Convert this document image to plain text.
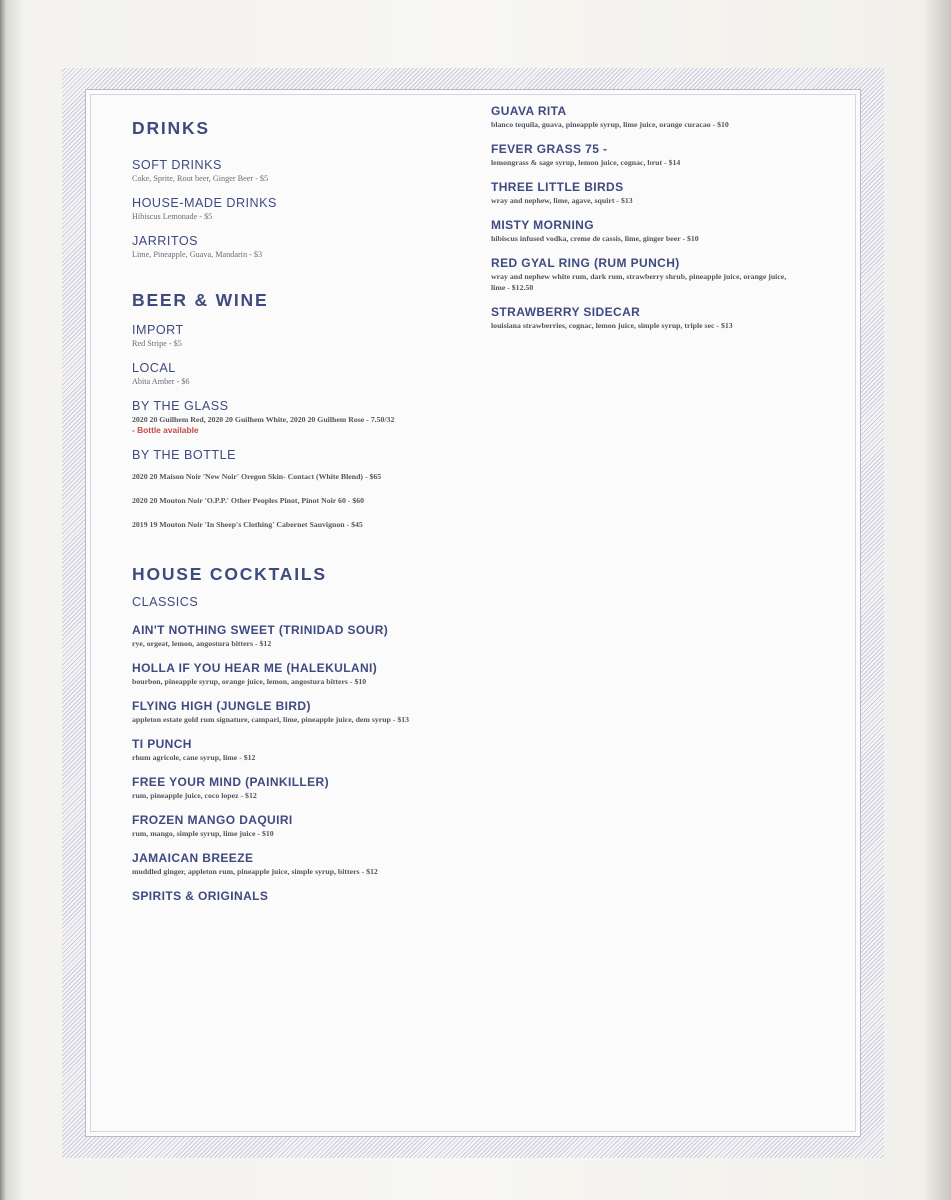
DRINKS
SOFT DRINKS
Coke, Sprite, Root beer, Ginger Beer - $5
HOUSE-MADE DRINKS
Hibiscus Lemonade - $5
JARRITOS
Lime, Pineapple, Guava, Mandarin - $3
BEER & WINE
IMPORT
Red Stripe - $5
LOCAL
Abita Amber - $6
BY THE GLASS
2020 20 Guilhem Red, 2020 20 Guilhem White, 2020 20 Guilhem Rose - 7.50/32
- Bottle available
BY THE BOTTLE
2020 20 Maison Noir 'New Noir' Oregon Skin- Contact (White Blend) - $65
2020 20 Mouton Noir 'O.P.P.' Other Peoples Pinot, Pinot Noir 60 - $60
2019 19 Mouton Noir 'In Sheep's Clothing' Cabernet Sauvignon - $45
HOUSE COCKTAILS
CLASSICS
AIN'T NOTHING SWEET (TRINIDAD SOUR)
rye, orgeat, lemon, angostura bitters - $12
HOLLA IF YOU HEAR ME (HALEKULANI)
bourbon, pineapple syrup, orange juice, lemon, angostura bitters - $10
FLYING HIGH (JUNGLE BIRD)
appleton estate gold rum signature, campari, lime, pineapple juice, dem syrup - $13
TI PUNCH
rhum agricole, cane syrup, lime - $12
FREE YOUR MIND (PAINKILLER)
rum, pineapple juice, coco lopez - $12
FROZEN MANGO DAQUIRI
rum, mango, simple syrup, lime juice - $10
JAMAICAN BREEZE
muddled ginger, appleton rum, pineapple juice, simple syrup, bitters - $12
SPIRITS & ORIGINALS
GUAVA RITA
blanco tequila, guava, pineapple syrup, lime juice, orange curacao - $10
FEVER GRASS 75 -
lemongrass & sage syrup, lemon juice, cognac, brut - $14
THREE LITTLE BIRDS
wray and nephew, lime, agave, squirt - $13
MISTY MORNING
hibiscus infused vodka, creme de cassis, lime, ginger beer - $10
RED GYAL RING (RUM PUNCH)
wray and nephew white rum, dark rum, strawberry shrub, pineapple juice, orange juice, lime - $12.50
STRAWBERRY SIDECAR
louisiana strawberries, cognac, lemon juice, simple syrup, triple sec - $13
